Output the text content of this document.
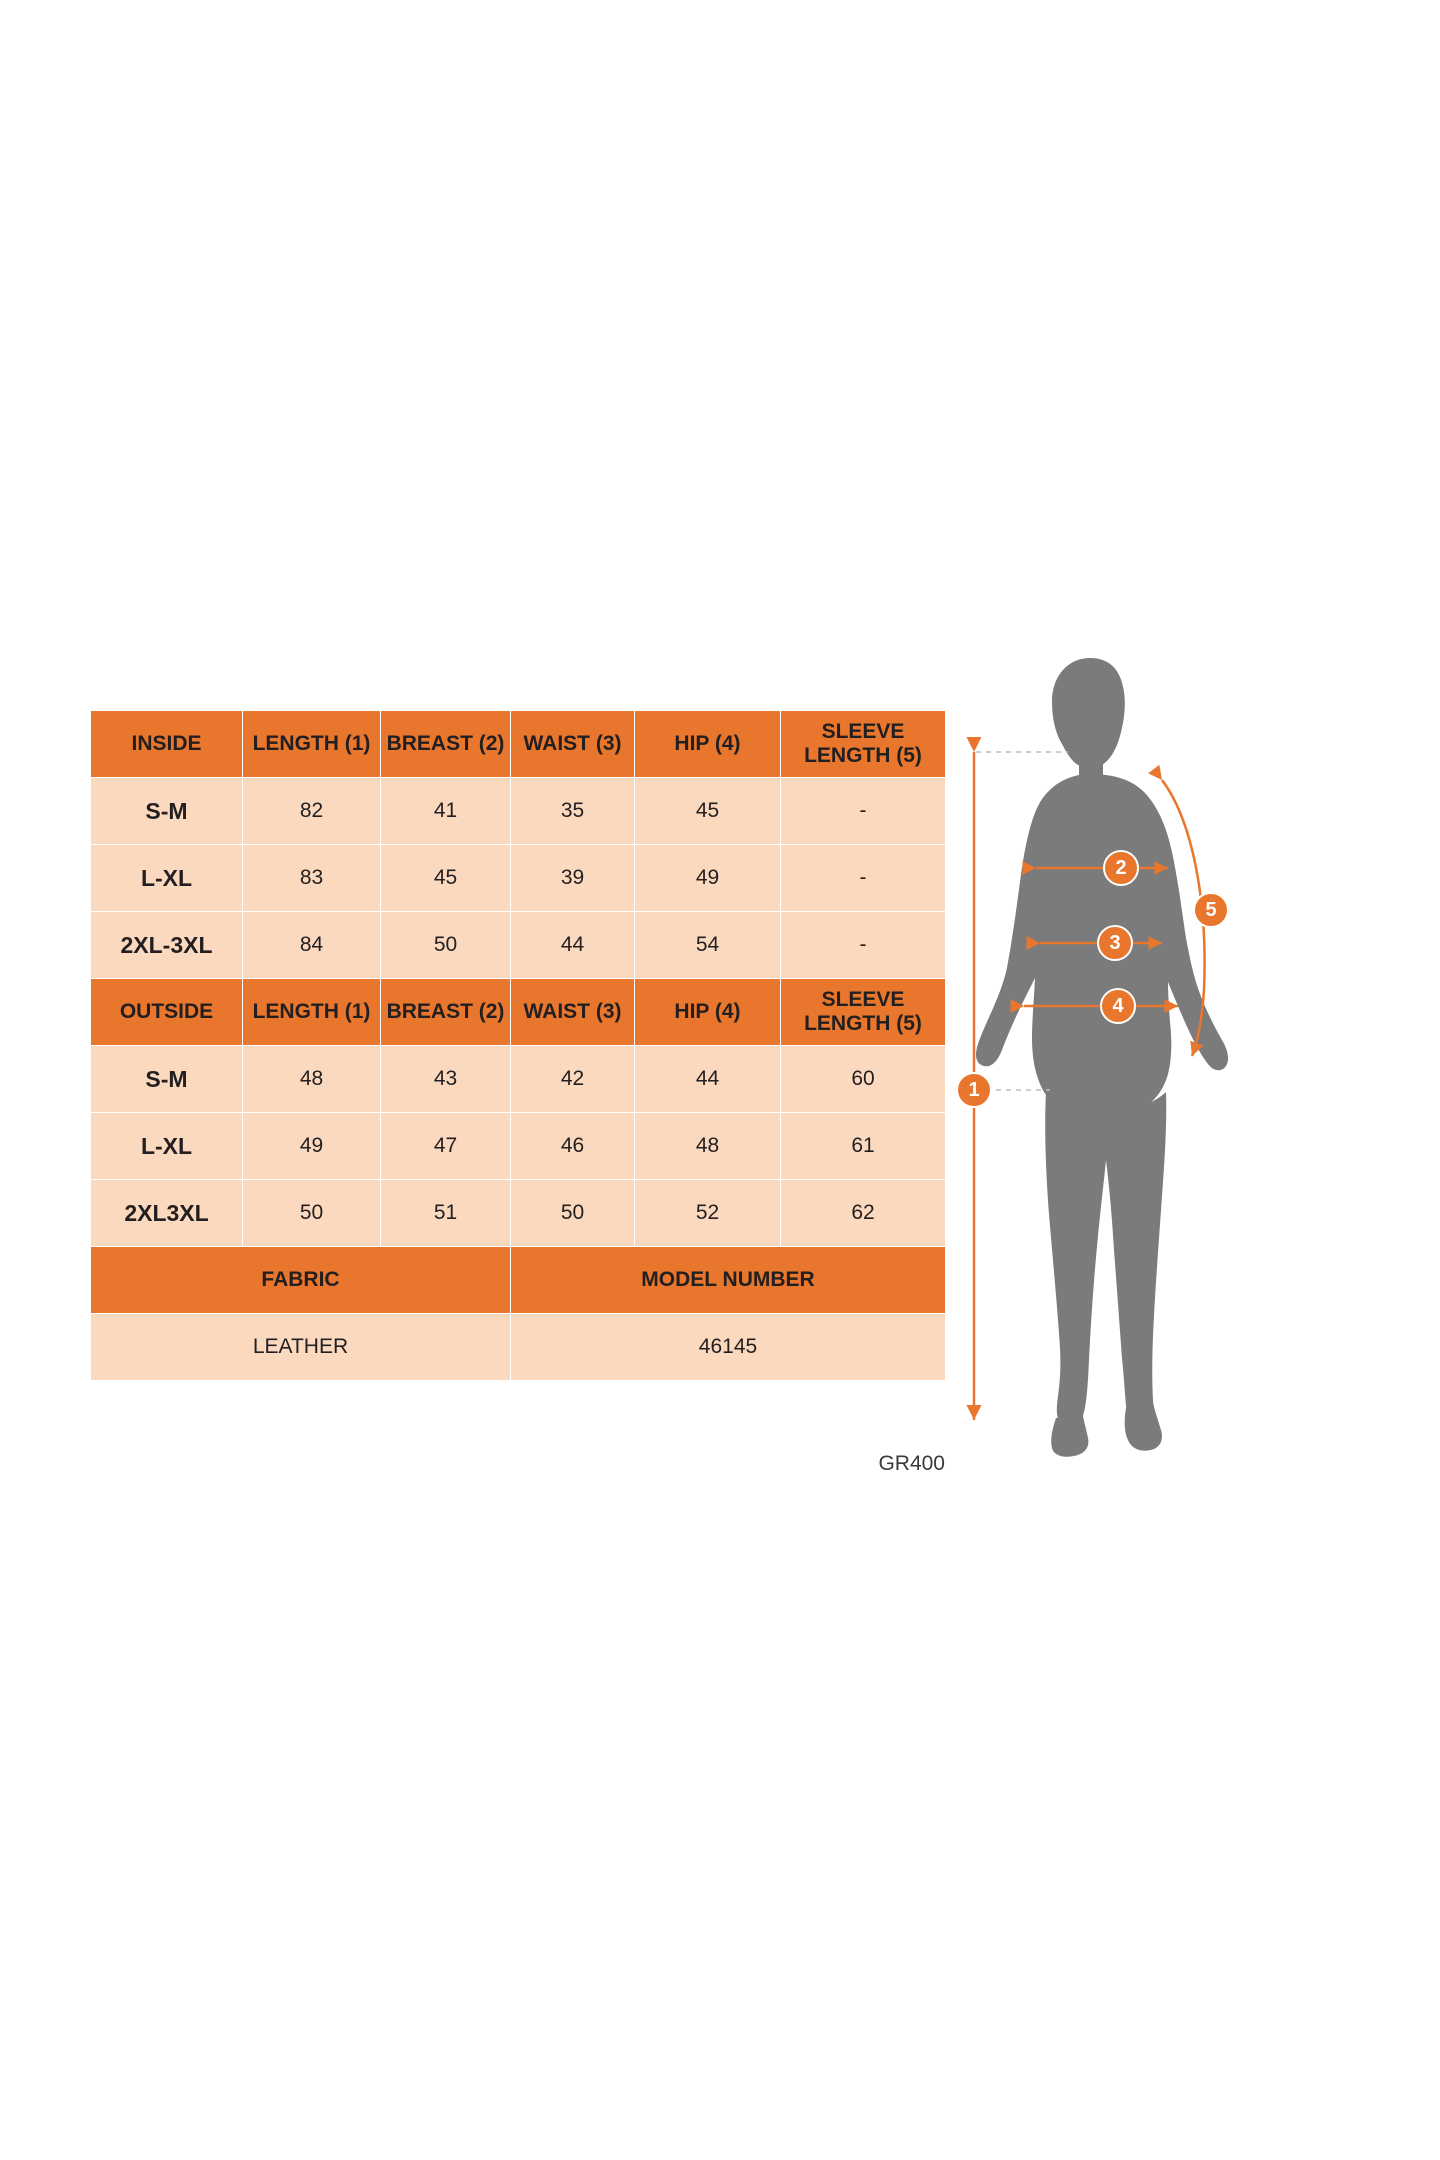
INSIDE	LENGTH (1)	BREAST (2)	WAIST (3)	HIP (4)	SLEEVE LENGTH (5)
S-M	82	41	35	45	-
L-XL	83	45	39	49	-
2XL-3XL	84	50	44	54	-
OUTSIDE	LENGTH (1)	BREAST (2)	WAIST (3)	HIP (4)	SLEEVE LENGTH (5)
S-M	48	43	42	44	60
L-XL	49	47	46	48	61
2XL3XL	50	51	50	52	62
FABRIC			MODEL NUMBER		
LEATHER			46145		
GR400
1
2
3
4
5
